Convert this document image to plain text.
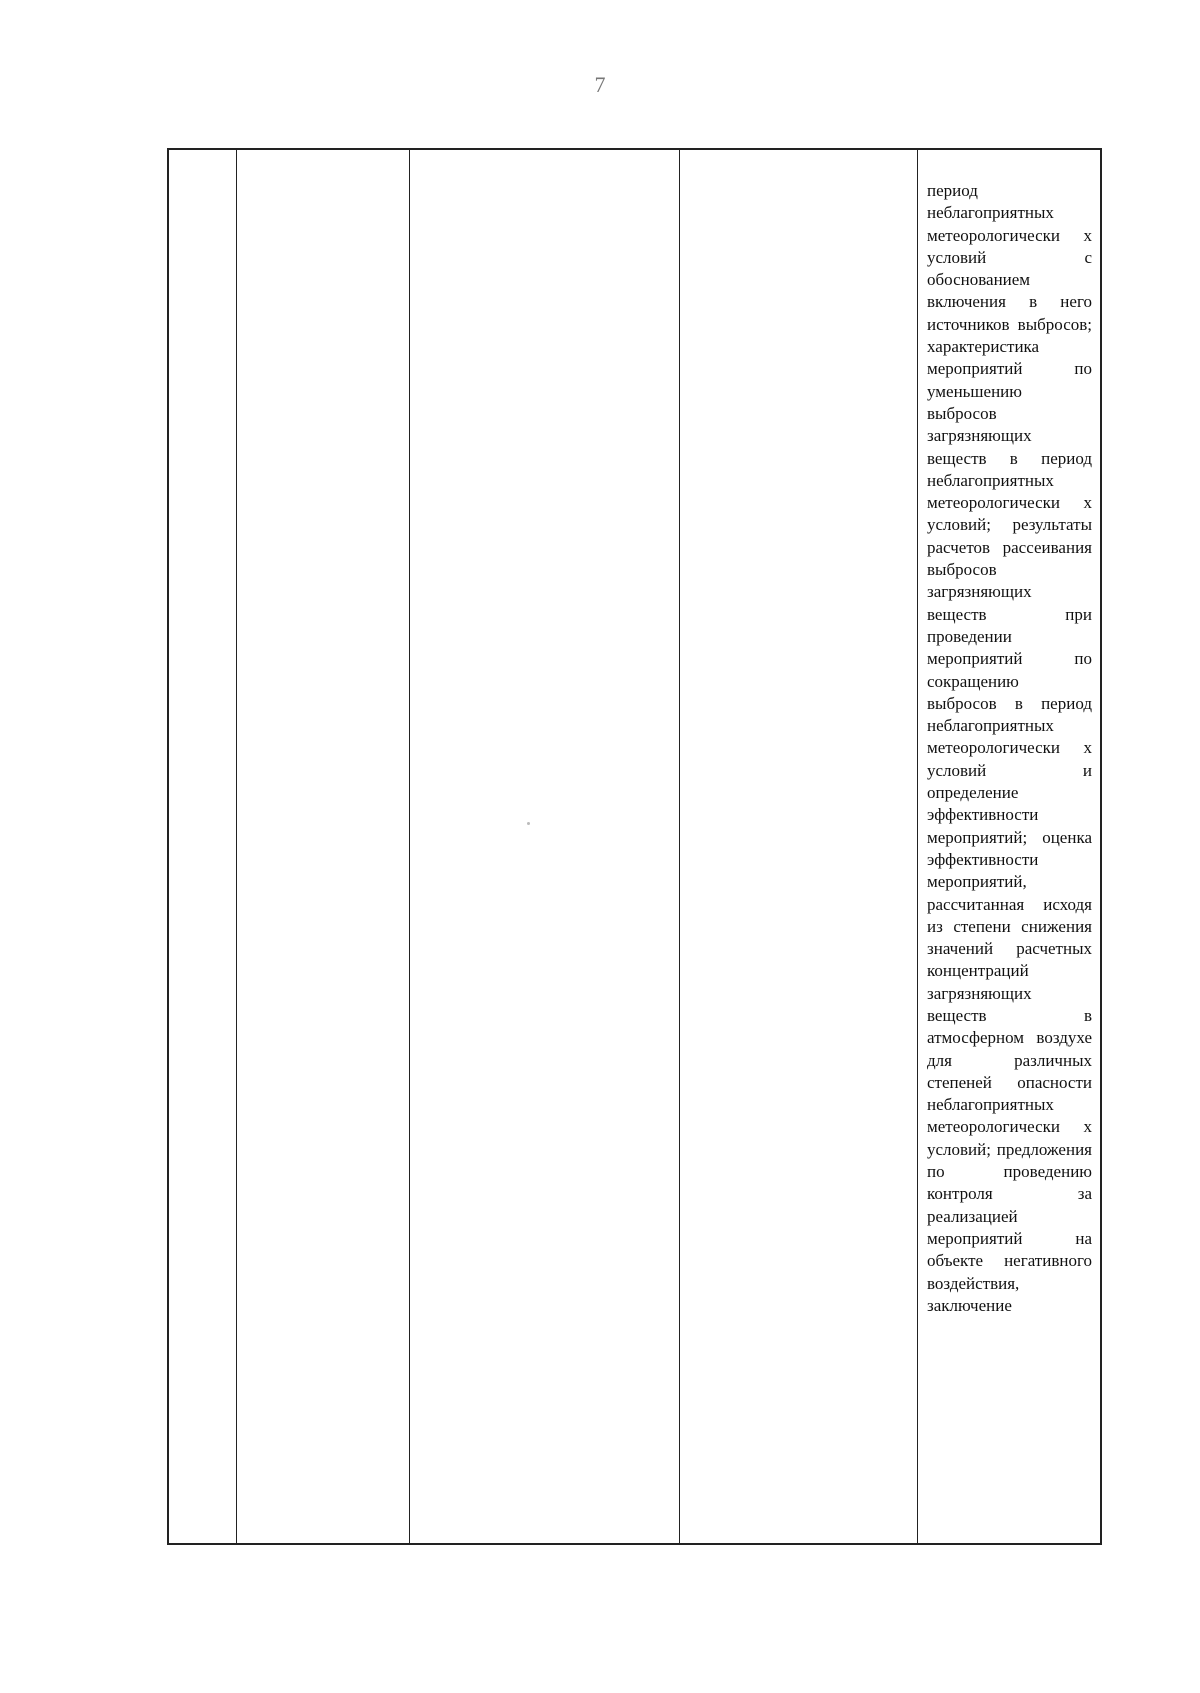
7
период неблагоприятных метеорологически х условий с обоснованием включения в него источников выбросов; характеристика мероприятий по уменьшению выбросов загрязняющих веществ в период неблагоприятных метеорологически х условий; результаты расчетов рассеивания выбросов загрязняющих веществ при проведении мероприятий по сокращению выбросов в период неблагоприятных метеорологически х условий и определение эффективности мероприятий; оценка эффективности мероприятий, рассчитанная исходя из степени снижения значений расчетных концентраций загрязняющих веществ в атмосферном воздухе для различных степеней опасности неблагоприятных метеорологически х условий; предложения по проведению контроля за реализацией мероприятий на объекте негативного воздействия, заключение
